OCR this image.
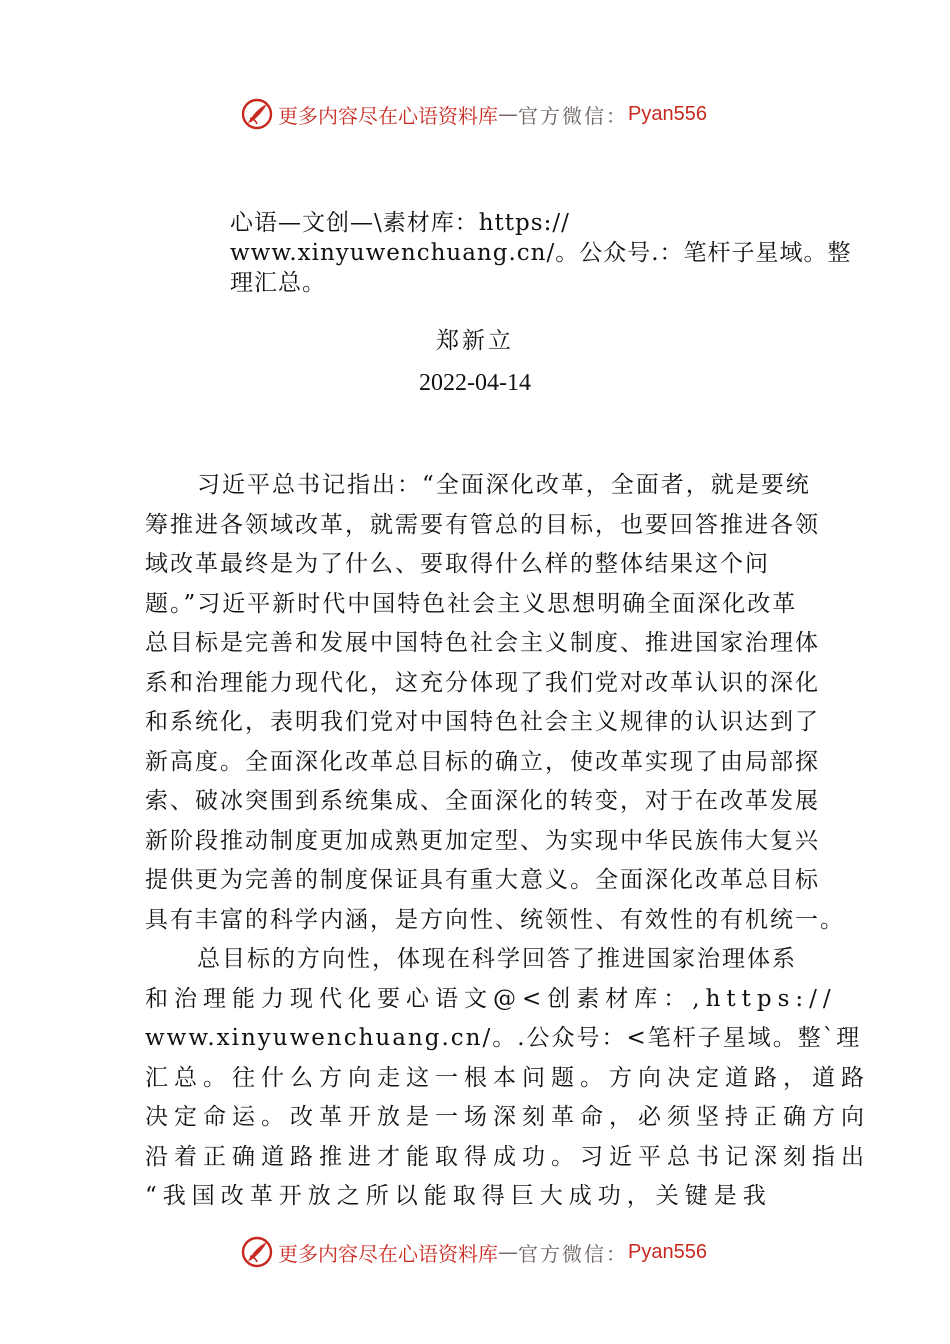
更多内容尽在心语资料库 — 官方微信： Pyan556
心语—文创—\素材库：https://
www.xinyuwenchuang.cn/。公众号.：笔杆子星域。整
理汇总。
郑新立
2022-04-14
习近平总书记指出：“全面深化改革，全面者，就是要统
筹推进各领域改革，就需要有管总的目标，也要回答推进各领
域改革最终是为了什么、要取得什么样的整体结果这个问
题。”习近平新时代中国特色社会主义思想明确全面深化改革
总目标是完善和发展中国特色社会主义制度、推进国家治理体
系和治理能力现代化，这充分体现了我们党对改革认识的深化
和系统化，表明我们党对中国特色社会主义规律的认识达到了
新高度。全面深化改革总目标的确立，使改革实现了由局部探
索、破冰突围到系统集成、全面深化的转变，对于在改革发展
新阶段推动制度更加成熟更加定型、为实现中华民族伟大复兴
提供更为完善的制度保证具有重大意义。全面深化改革总目标
具有丰富的科学内涵，是方向性、统领性、有效性的有机统一。
总目标的方向性，体现在科学回答了推进国家治理体系
和治理能力现代化要心语文@<创素材库：,https://
www.xinyuwenchuang.cn/。.公众号：<笔杆子星域。整`理
汇总。往什么方向走这一根本问题。方向决定道路，道路
决定命运。改革开放是一场深刻革命，必须坚持正确方向
沿着正确道路推进才能取得成功。习近平总书记深刻指出
“我国改革开放之所以能取得巨大成功，关键是我
更多内容尽在心语资料库 — 官方微信： Pyan556
